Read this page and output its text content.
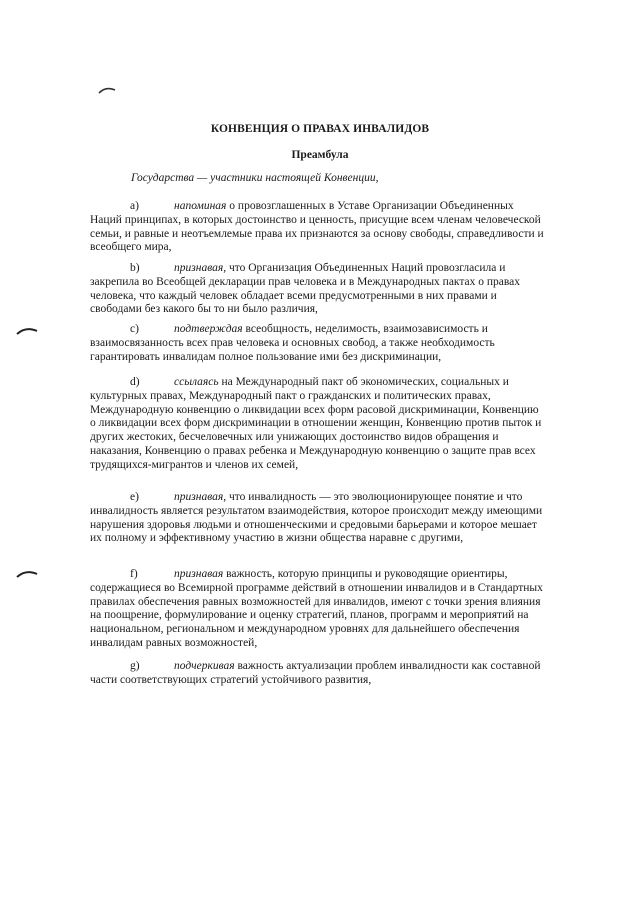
КОНВЕНЦИЯ О ПРАВАХ ИНВАЛИДОВ
Преамбула

Государства — участники настоящей Конвенции,

a)	напоминая о провозглашенных в Уставе Организации Объединенных Наций принципах, в которых достоинство и ценность, присущие всем членам человеческой семьи, и равные и неотъемлемые права их признаются за основу свободы, справедливости и всеобщего мира,

b)	признавая, что Организация Объединенных Наций провозгласила и закрепила во Всеобщей декларации прав человека и в Международных пактах о правах человека, что каждый человек обладает всеми предусмотренными в них правами и свободами без какого бы то ни было различия,

c)	подтверждая всеобщность, неделимость, взаимозависимость и взаимосвязанность всех прав человека и основных свобод, а также необходимость гарантировать инвалидам полное пользование ими без дискриминации,

d)	ссылаясь на Международный пакт об экономических, социальных и культурных правах, Международный пакт о гражданских и политических правах, Международную конвенцию о ликвидации всех форм расовой дискриминации, Конвенцию о ликвидации всех форм дискриминации в отношении женщин, Конвенцию против пыток и других жестоких, бесчеловечных или унижающих достоинство видов обращения и наказания, Конвенцию о правах ребенка и Международную конвенцию о защите прав всех трудящихся-мигрантов и членов их семей,

e)	признавая, что инвалидность — это эволюционирующее понятие и что инвалидность является результатом взаимодействия, которое происходит между имеющими нарушения здоровья людьми и отношенческими и средовыми барьерами и которое мешает их полному и эффективному участию в жизни общества наравне с другими,

f)	признавая важность, которую принципы и руководящие ориентиры, содержащиеся во Всемирной программе действий в отношении инвалидов и в Стандартных правилах обеспечения равных возможностей для инвалидов, имеют с точки зрения влияния на поощрение, формулирование и оценку стратегий, планов, программ и мероприятий на национальном, региональном и международном уровнях для дальнейшего обеспечения инвалидам равных возможностей,

g)	подчеркивая важность актуализации проблем инвалидности как составной части соответствующих стратегий устойчивого развития,
